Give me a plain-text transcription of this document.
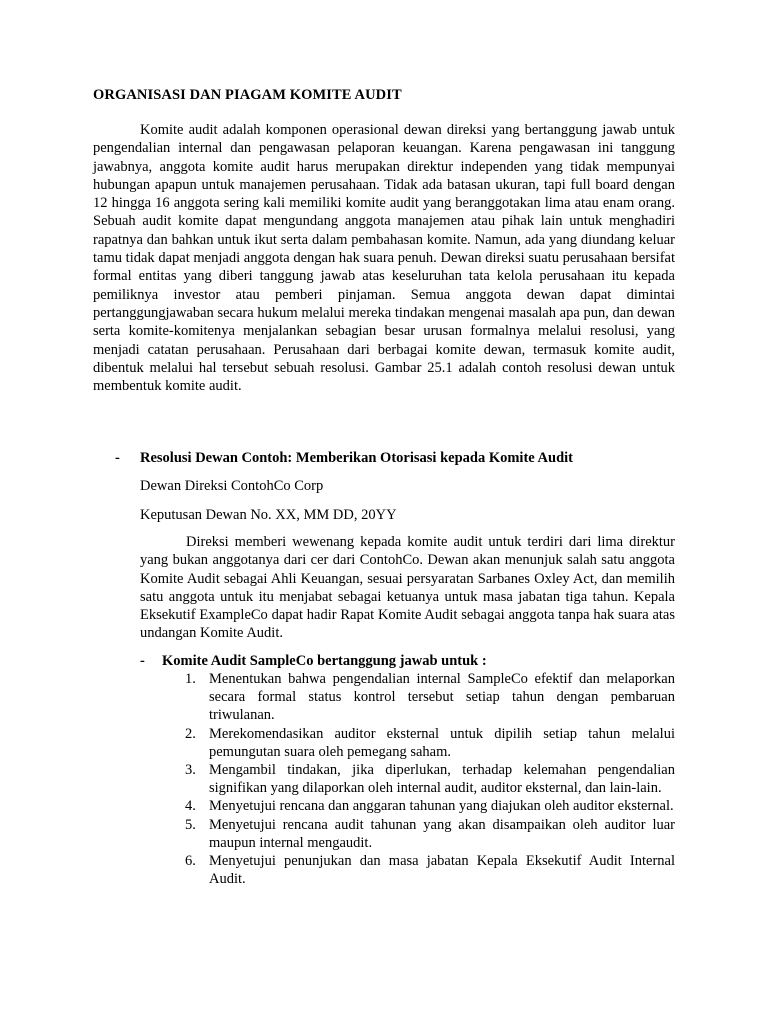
ORGANISASI DAN PIAGAM KOMITE AUDIT

Komite audit adalah komponen operasional dewan direksi yang bertanggung jawab untuk pengendalian internal dan pengawasan pelaporan keuangan. Karena pengawasan ini tanggung jawabnya, anggota komite audit harus merupakan direktur independen yang tidak mempunyai hubungan apapun untuk manajemen perusahaan. Tidak ada batasan ukuran, tapi full board dengan 12 hingga 16 anggota sering kali memiliki komite audit yang beranggotakan lima atau enam orang. Sebuah audit komite dapat mengundang anggota manajemen atau pihak lain untuk menghadiri rapatnya dan bahkan untuk ikut serta dalam pembahasan komite. Namun, ada yang diundang keluar tamu tidak dapat menjadi anggota dengan hak suara penuh. Dewan direksi suatu perusahaan bersifat formal entitas yang diberi tanggung jawab atas keseluruhan tata kelola perusahaan itu kepada pemiliknya investor atau pemberi pinjaman. Semua anggota dewan dapat dimintai pertanggungjawaban secara hukum melalui mereka tindakan mengenai masalah apa pun, dan dewan serta komite-komitenya menjalankan sebagian besar urusan formalnya melalui resolusi, yang menjadi catatan perusahaan. Perusahaan dari berbagai komite dewan, termasuk komite audit, dibentuk melalui hal tersebut sebuah resolusi. Gambar 25.1 adalah contoh resolusi dewan untuk membentuk komite audit.

- Resolusi Dewan Contoh: Memberikan Otorisasi kepada Komite Audit
Dewan Direksi ContohCo Corp
Keputusan Dewan No. XX, MM DD, 20YY

Direksi memberi wewenang kepada komite audit untuk terdiri dari lima direktur yang bukan anggotanya dari cer dari ContohCo. Dewan akan menunjuk salah satu anggota Komite Audit sebagai Ahli Keuangan, sesuai persyaratan Sarbanes Oxley Act, dan memilih satu anggota untuk itu menjabat sebagai ketuanya untuk masa jabatan tiga tahun. Kepala Eksekutif ExampleCo dapat hadir Rapat Komite Audit sebagai anggota tanpa hak suara atas undangan Komite Audit.

- Komite Audit SampleCo bertanggung jawab untuk :
1. Menentukan bahwa pengendalian internal SampleCo efektif dan melaporkan secara formal status kontrol tersebut setiap tahun dengan pembaruan triwulanan.
2. Merekomendasikan auditor eksternal untuk dipilih setiap tahun melalui pemungutan suara oleh pemegang saham.
3. Mengambil tindakan, jika diperlukan, terhadap kelemahan pengendalian signifikan yang dilaporkan oleh internal audit, auditor eksternal, dan lain-lain.
4. Menyetujui rencana dan anggaran tahunan yang diajukan oleh auditor eksternal.
5. Menyetujui rencana audit tahunan yang akan disampaikan oleh auditor luar maupun internal mengaudit.
6. Menyetujui penunjukan dan masa jabatan Kepala Eksekutif Audit Internal Audit.
